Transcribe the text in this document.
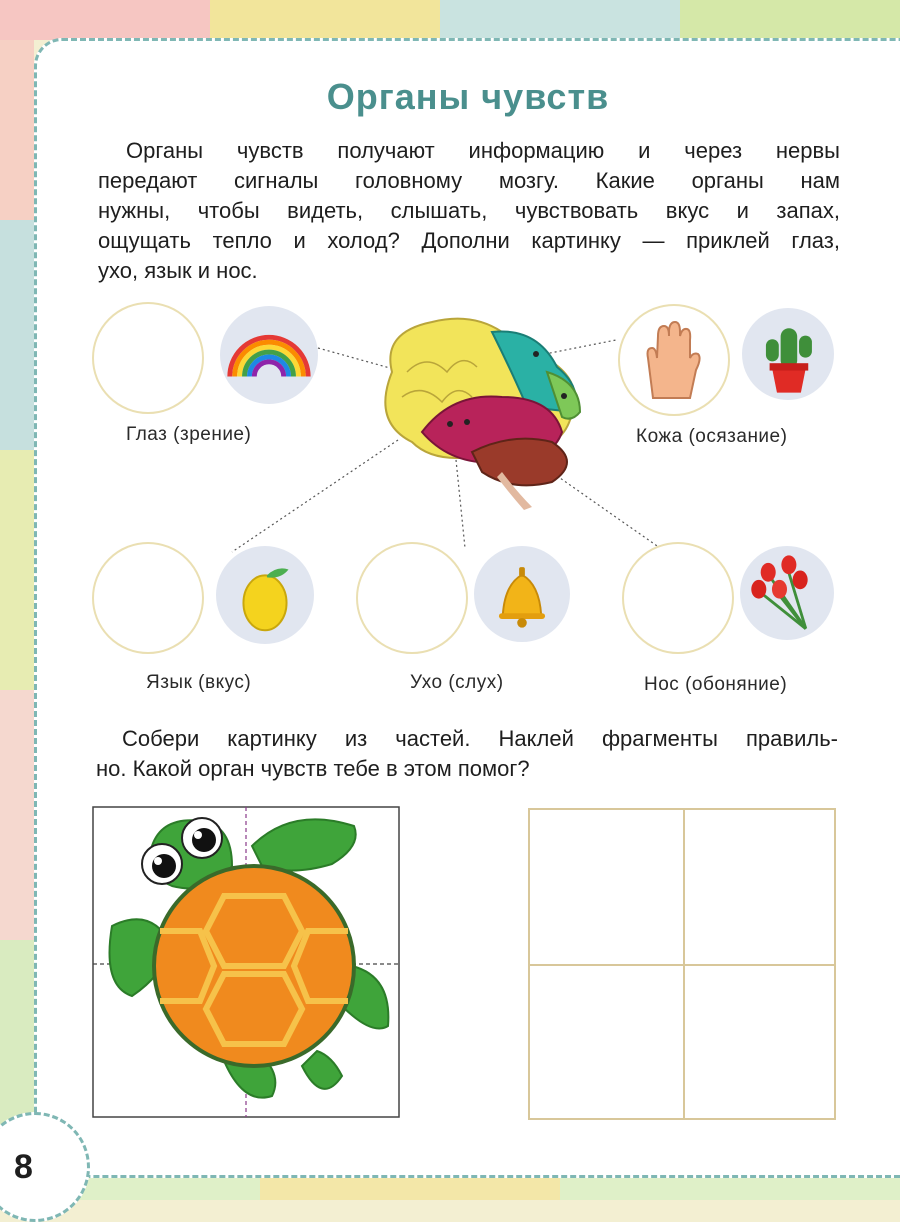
Органы чувств
Органы чувств получают информацию и через нервы
передают сигналы головному мозгу. Какие органы нам
нужны, чтобы видеть, слышать, чувствовать вкус и запах,
ощущать тепло и холод? Дополни картинку — приклей глаз,
ухо, язык и нос.
Глаз (зрение)	Кожа (осязание)
Язык (вкус)	Ухо (слух)	Нос (обоняние)
Собери картинку из частей. Наклей фрагменты правиль-
но. Какой орган чувств тебе в этом помог?
8
